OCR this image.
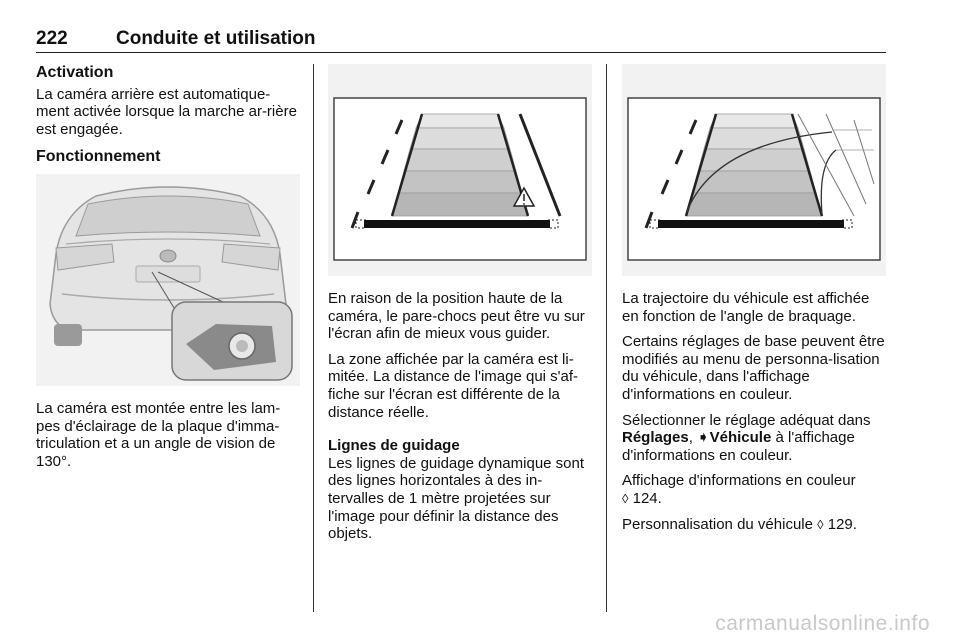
222	Conduite et utilisation
Activation

La caméra arrière est automatique-ment activée lorsque la marche ar-rière est engagée.

Fonctionnement

La caméra est montée entre les lam-pes d'éclairage de la plaque d'imma-triculation et a un angle de vision de 130°.

En raison de la position haute de la caméra, le pare-chocs peut être vu sur l'écran afin de mieux vous guider.

La zone affichée par la caméra est li-mitée. La distance de l'image qui s'af-fiche sur l'écran est différente de la distance réelle.

Lignes de guidage

Les lignes de guidage dynamique sont des lignes horizontales à des in-tervalles de 1 mètre projetées sur l'image pour définir la distance des objets.

La trajectoire du véhicule est affichée en fonction de l'angle de braquage.

Certains réglages de base peuvent être modifiés au menu de personna-lisation du véhicule, dans l'affichage d'informations en couleur.

Sélectionner le réglage adéquat dans Réglages, ➧Véhicule à l'affichage d'informations en couleur.

Affichage d'informations en couleur
◊ 124.

Personnalisation du véhicule ◊ 129.

carmanualsonline.info
